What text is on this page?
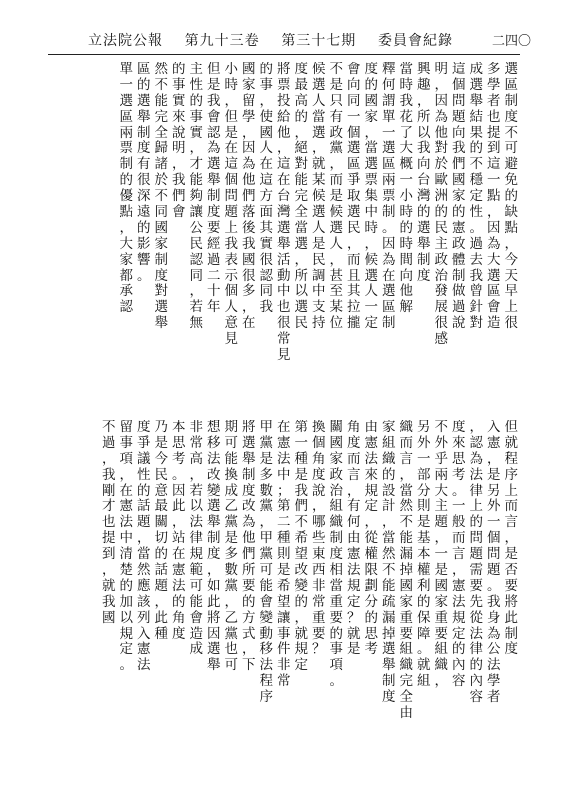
立法院公報 第九十三卷 第三十七期 委員會紀錄	二四〇
選
區
制
度
不
可
避
免
的
缺
點
，
今
天
早
上
很
多
學
者
也
提
到
這
一
點
，
因
為
大
選
區
會
造
成
選
舉
結
果
的
不
穩
定
性
。
過
去
我
曾
針
對
這
個
問
題
向
我
們
國
家
的
憲
政
體
制
做
過
說
明
，
因
為
他
對
於
歐
洲
的
民
主
政
治
發
展
很
感
興
趣
，
所
以
我
向
台
灣
的
選
舉
制
度
當
時
我
花
了
大
概
一
小
時
的
時
間
向
他
解
釋
何
謂
單
一
選
區
兩
票
制
。
因
為
在
選
區
制
度
的
國
家
，
當
選
票
集
中
時
，
候
選
人
一
定
會
向
同
一
個
選
區
爭
取
選
民
，
而
且
其
拉
攏
不
是
只
有
政
黨
，
而
是
候
選
人
，
甚
至
某
位
候
選
人
當
選
，
就
某
候
選
人
是
民
調
中
支
持
度
最
高
的
，
絕
對
能
完
全
當
選
，
所
以
選
民
將
票
投
給
他
，
這
在
台
灣
選
舉
活
動
中
也
很
常
見
的
事
，
使
國
人
在
這
方
面
其
實
很
認
同
我
國
家
留
學
，
因
為
他
們
落
後
我
國
很
多
，
在
小
時
，
但
是
在
這
個
問
題
上
我
表
示
個
人
意
見
但
是
我
會
認
為
選
舉
制
度
要
經
過
二
十
年
主
性
的
事
實
，
才
能
夠
讓
公
民
認
同
，
若
無
的
事
實
來
說
明
，
我
們
會
然
不
能
完
全
歸
諸
於
不
同
國
家
制
度
對
選
舉
區
的
選
舉
制
度
有
很
深
遠
的
影
響
。
單
一
選
區
兩
票
制
的
優
點
，
大
家
都
承
認
但
就
程
序
上
而
言
，
是
否
要
將
此
制
度
入
憲
，
是
另
外
一
個
問
題
。
我
身
為
公
法
學
者
，
認
為
法
律
上
的
問
題
需
要
先
從
法
律
的
內
容
度
來
思
考
。
一
般
而
言
，
憲
法
規
定
的
內
容
不
外
乎
兩
大
主
題
，
一
是
國
家
重
要
組
織
，
另
外
一
部
分
則
是
基
本
權
利
的
保
障
。
就
組
織
而
言
，
當
然
不
能
漏
掉
國
家
重
要
組
織
完
全
由
家
組
織
的
設
計
，
當
然
不
能
疏
漏
掉
選
舉
制
度
由
憲
法
來
規
定
，
從
權
限
劃
分
的
思
考
角
度
而
言
，
有
何
由
憲
法
規
定
？
就
是
關
國
家
政
治
組
織
制
度
相
當
重
要
的
事
項
。
換
個
角
度
說
，
哪
些
東
西
非
常
重
要
？
第
一
種
是
我
們
不
希
望
改
變
的
，
就
規
定
在
憲
法
中
；
第
二
種
則
是
希
望
讓
事
件
非
常
甲
黨
是
多
數
黨
，
甲
黨
可
能
會
變
動
移
法
程
序
將
選
舉
制
度
改
為
他
們
所
要
的
方
式
，
下
期
可
能
換
成
乙
黨
是
多
數
黨
，
乙
黨
也
可
想
移
法
改
變
選
舉
制
度
，
如
此
將
因
選
舉
非
常
高
，
若
以
法
律
規
範
可
能
會
造
成
本
思
考
。
因
此
，
站
在
憲
法
的
角
度
乃
是
今
民
意
最
關
切
的
話
題
，
此
種
度
爭
議
性
的
話
題
，
當
然
應
該
列
入
憲
法
留
事
項
，
在
憲
法
中
清
楚
的
加
以
規
定
。
不
過
，
我
剛
才
也
提
到
，
就
我
國
